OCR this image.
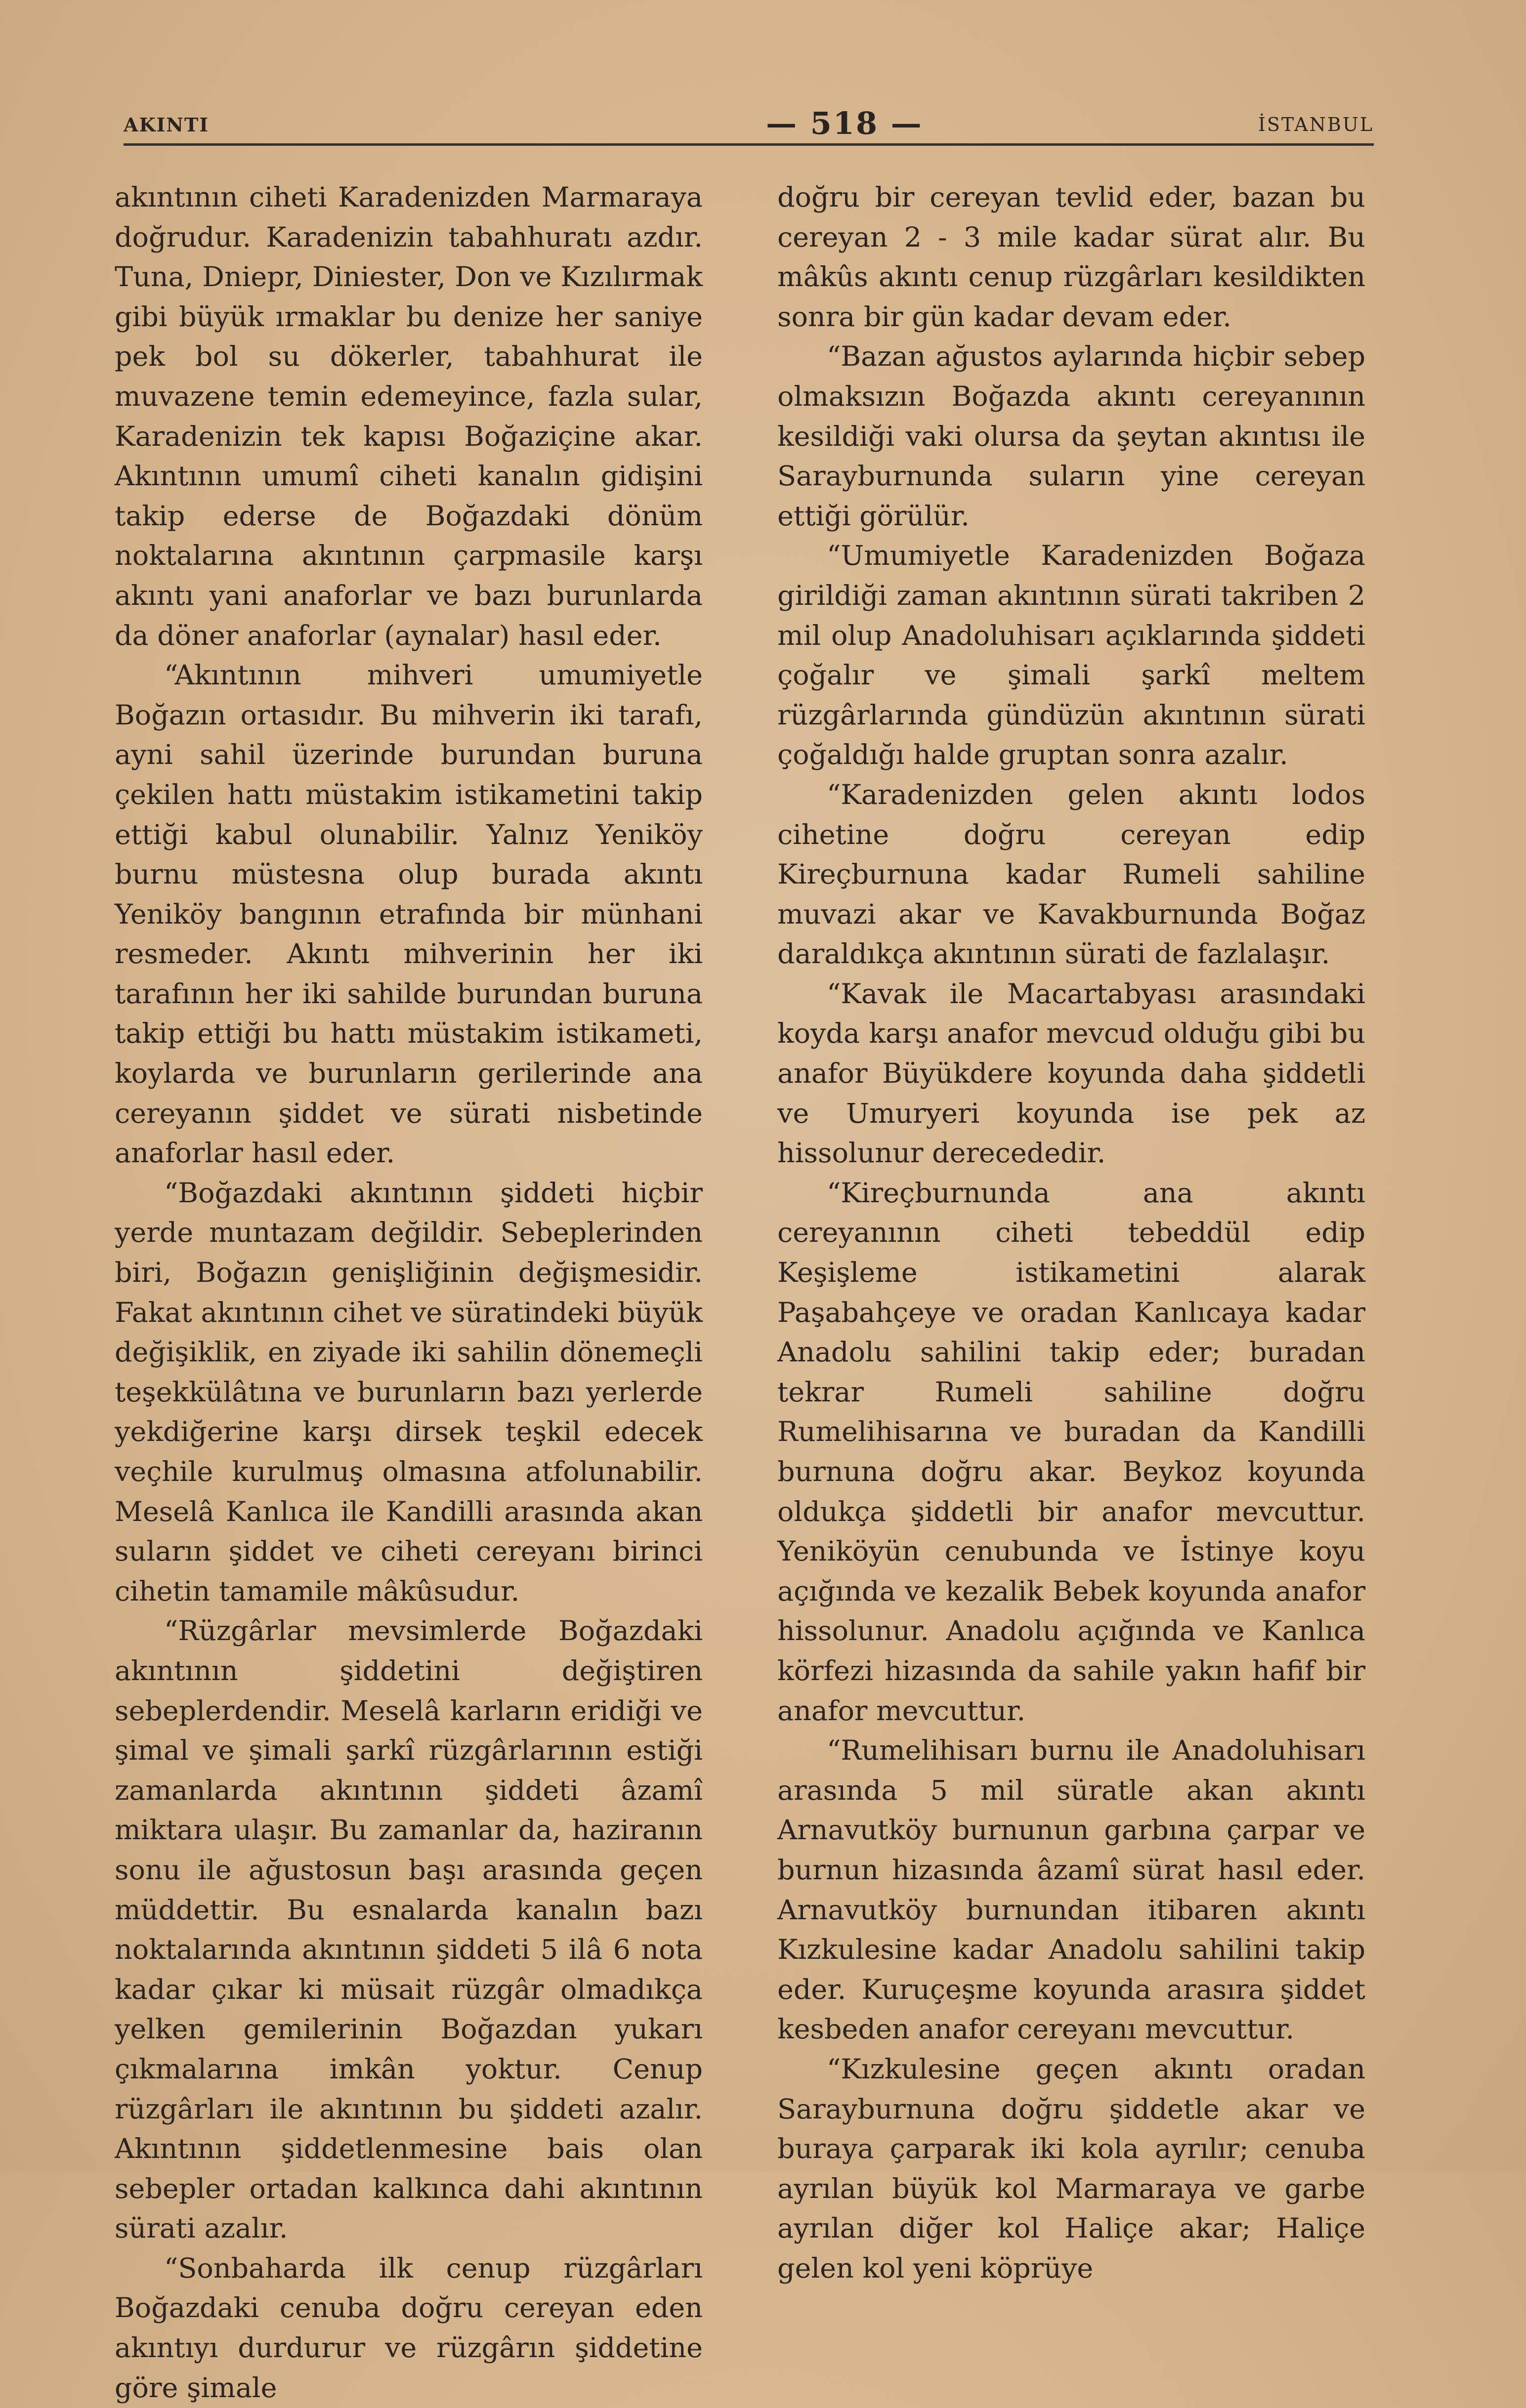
AKINTI	— 518 —	İSTANBUL

akıntının ciheti Karadenizden Marmaraya doğrudur. Karadenizin tabahhuratı azdır. Tuna, Dniepr, Diniester, Don ve Kızılırmak gibi büyük ırmaklar bu denize her saniye pek bol su dökerler, tabahhurat ile muvazene temin edemeyince, fazla sular, Karadenizin tek kapısı Boğaziçine akar. Akıntının umumî ciheti kanalın gidişini takip ederse de Boğazdaki dönüm noktalarına akıntının çarpmasile karşı akıntı yani anaforlar ve bazı burunlarda da döner anaforlar (aynalar) hasıl eder.

“Akıntının mihveri umumiyetle Boğazın ortasıdır. Bu mihverin iki tarafı, ayni sahil üzerinde burundan buruna çekilen hattı müstakim istikametini takip ettiği kabul olunabilir. Yalnız Yeniköy burnu müstesna olup burada akıntı Yeniköy bangının etrafında bir münhani resmeder. Akıntı mihverinin her iki tarafının her iki sahilde burundan buruna takip ettiği bu hattı müstakim istikameti, koylarda ve burunların gerilerinde ana cereyanın şiddet ve sürati nisbetinde anaforlar hasıl eder.

“Boğazdaki akıntının şiddeti hiçbir yerde muntazam değildir. Sebeplerinden biri, Boğazın genişliğinin değişmesidir. Fakat akıntının cihet ve süratindeki büyük değişiklik, en ziyade iki sahilin dönemeçli teşekkülâtına ve burunların bazı yerlerde yekdiğerine karşı dirsek teşkil edecek veçhile kurulmuş olmasına atfolunabilir. Meselâ Kanlıca ile Kandilli arasında akan suların şiddet ve ciheti cereyanı birinci cihetin tamamile mâkûsudur.

“Rüzgârlar mevsimlerde Boğazdaki akıntının şiddetini değiştiren sebeplerdendir. Meselâ karların eridiği ve şimal ve şimali şarkî rüzgârlarının estiği zamanlarda akıntının şiddeti âzamî miktara ulaşır. Bu zamanlar da, haziranın sonu ile ağustosun başı arasında geçen müddettir. Bu esnalarda kanalın bazı noktalarında akıntının şiddeti 5 ilâ 6 nota kadar çıkar ki müsait rüzgâr olmadıkça yelken gemilerinin Boğazdan yukarı çıkmalarına imkân yoktur. Cenup rüzgârları ile akıntının bu şiddeti azalır. Akıntının şiddetlenmesine bais olan sebepler ortadan kalkınca dahi akıntının sürati azalır.

“Sonbaharda ilk cenup rüzgârları Boğazdaki cenuba doğru cereyan eden akıntıyı durdurur ve rüzgârın şiddetine göre şimale

doğru bir cereyan tevlid eder, bazan bu cereyan 2 - 3 mile kadar sürat alır. Bu mâkûs akıntı cenup rüzgârları kesildikten sonra bir gün kadar devam eder.

“Bazan ağustos aylarında hiçbir sebep olmaksızın Boğazda akıntı cereyanının kesildiği vaki olursa da şeytan akıntısı ile Sarayburnunda suların yine cereyan ettiği görülür.

“Umumiyetle Karadenizden Boğaza girildiği zaman akıntının sürati takriben 2 mil olup Anadoluhisarı açıklarında şiddeti çoğalır ve şimali şarkî meltem rüzgârlarında gündüzün akıntının sürati çoğaldığı halde gruptan sonra azalır.

“Karadenizden gelen akıntı lodos cihetine doğru cereyan edip Kireçburnuna kadar Rumeli sahiline muvazi akar ve Kavakburnunda Boğaz daraldıkça akıntının sürati de fazlalaşır.

“Kavak ile Macartabyası arasındaki koyda karşı anafor mevcud olduğu gibi bu anafor Büyükdere koyunda daha şiddetli ve Umuryeri koyunda ise pek az hissolunur derecededir.

“Kireçburnunda ana akıntı cereyanının ciheti tebeddül edip Keşişleme istikametini alarak Paşabahçeye ve oradan Kanlıcaya kadar Anadolu sahilini takip eder; buradan tekrar Rumeli sahiline doğru Rumelihisarına ve buradan da Kandilli burnuna doğru akar. Beykoz koyunda oldukça şiddetli bir anafor mevcuttur. Yeniköyün cenubunda ve İstinye koyu açığında ve kezalik Bebek koyunda anafor hissolunur. Anadolu açığında ve Kanlıca körfezi hizasında da sahile yakın hafif bir anafor mevcuttur.

“Rumelihisarı burnu ile Anadoluhisarı arasında 5 mil süratle akan akıntı Arnavutköy burnunun garbına çarpar ve burnun hizasında âzamî sürat hasıl eder. Arnavutköy burnundan itibaren akıntı Kızkulesine kadar Anadolu sahilini takip eder. Kuruçeşme koyunda arasıra şiddet kesbeden anafor cereyanı mevcuttur.

“Kızkulesine geçen akıntı oradan Sarayburnuna doğru şiddetle akar ve buraya çarparak iki kola ayrılır; cenuba ayrılan büyük kol Marmaraya ve garbe ayrılan diğer kol Haliçe akar; Haliçe gelen kol yeni köprüye
